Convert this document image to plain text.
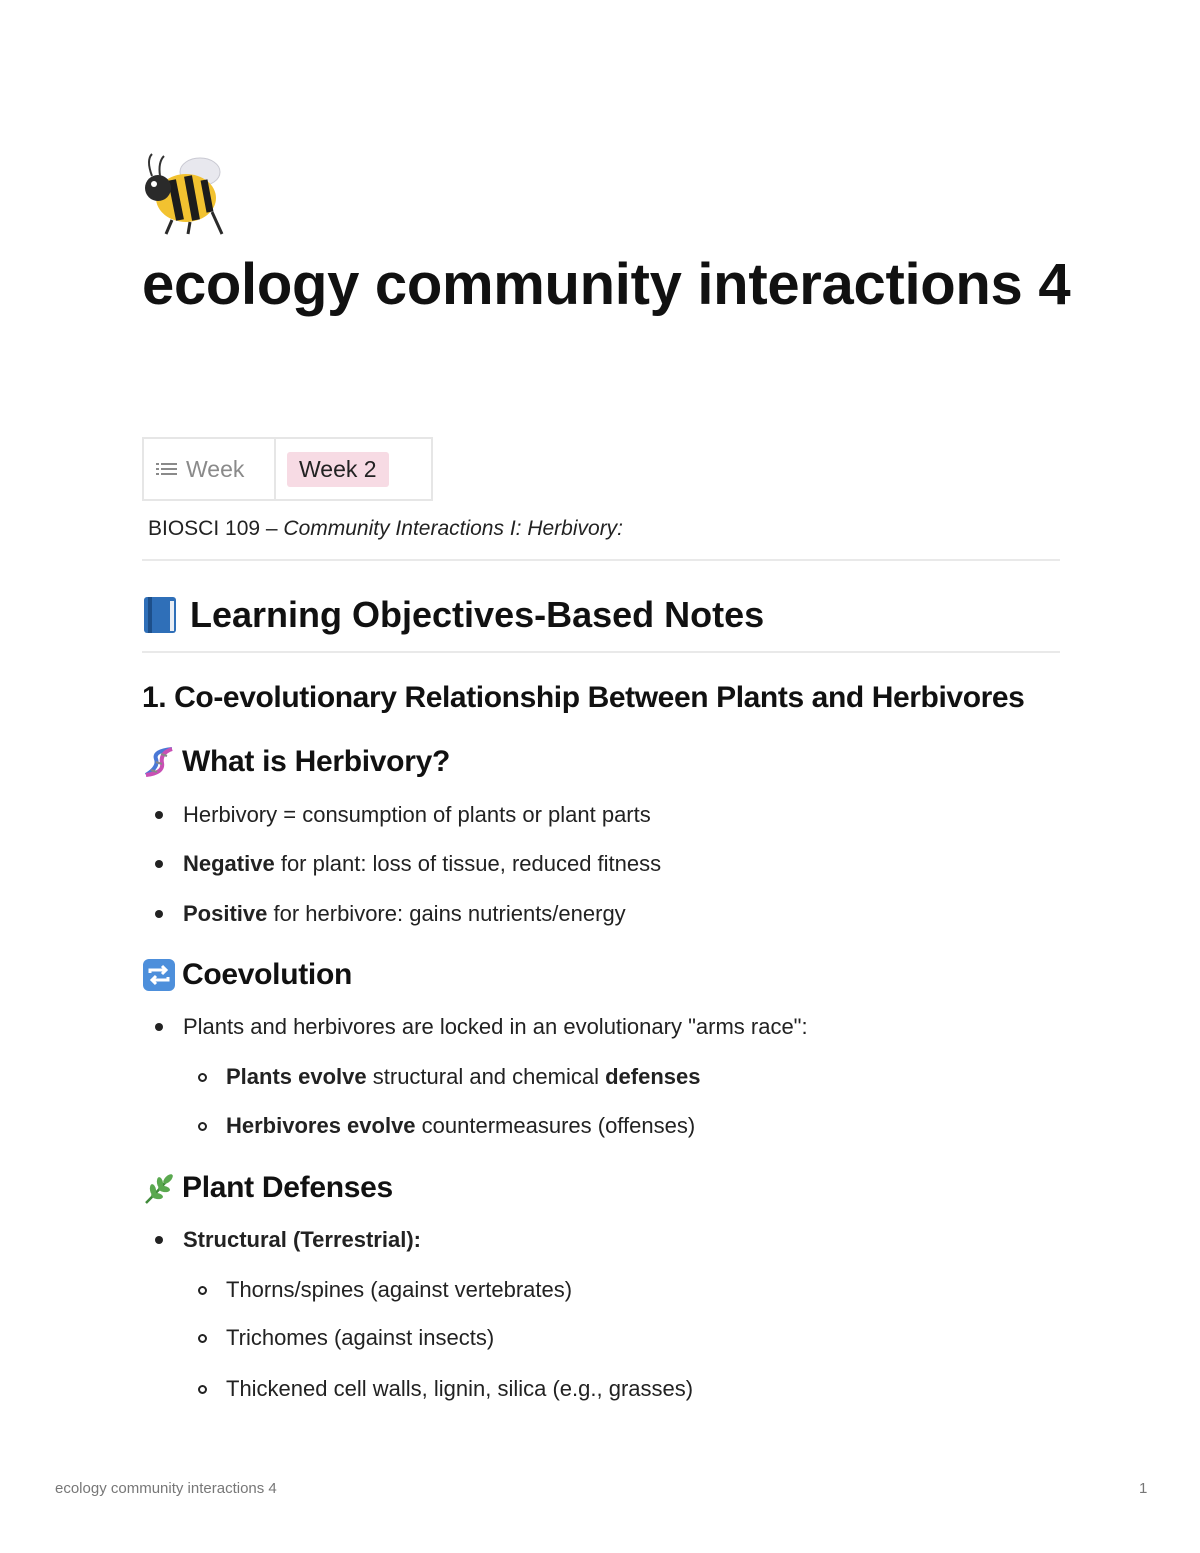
ecology community interactions 4
Week	Week 2
BIOSCI 109 – Community Interactions I: Herbivory:
Learning Objectives-Based Notes
1. Co-evolutionary Relationship Between Plants and Herbivores
What is Herbivory?
Herbivory = consumption of plants or plant parts
Negative for plant: loss of tissue, reduced fitness
Positive for herbivore: gains nutrients/energy
Coevolution
Plants and herbivores are locked in an evolutionary "arms race":
Plants evolve structural and chemical defenses
Herbivores evolve countermeasures (offenses)
Plant Defenses
Structural (Terrestrial):
Thorns/spines (against vertebrates)
Trichomes (against insects)
Thickened cell walls, lignin, silica (e.g., grasses)
ecology community interactions 4	1
